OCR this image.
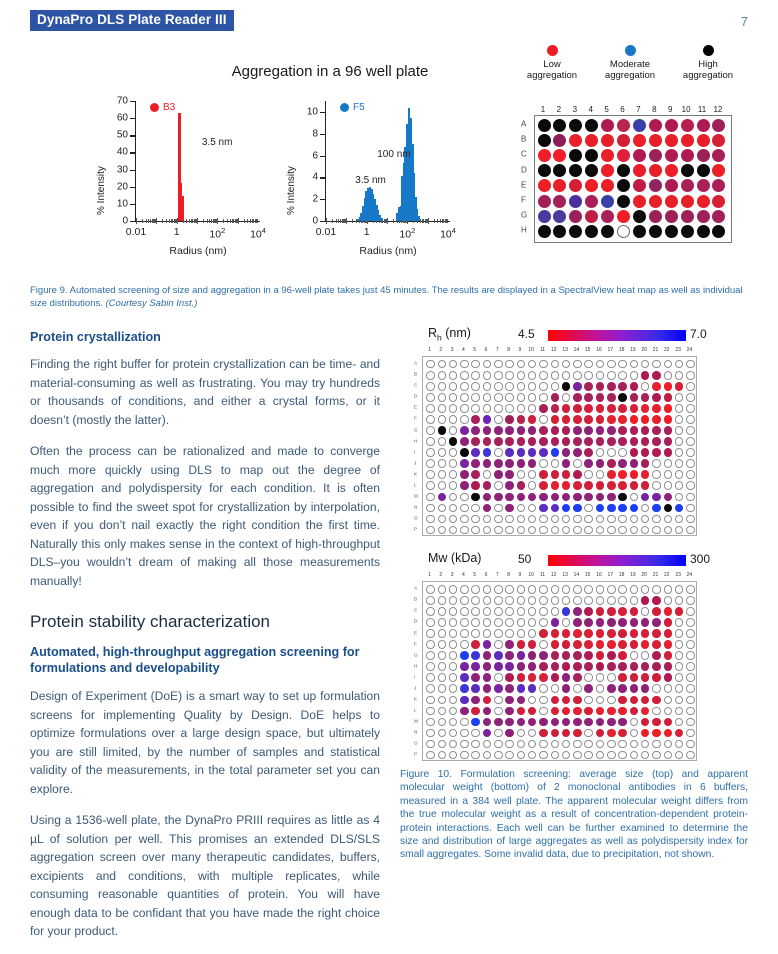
DynaPro DLS Plate Reader III	7
Aggregation in a 96 well plate
% Intensity
0
10
20
30
40
50
60
70
0.01	1	$10^2$ $10^4$
Radius (nm)
B3
3.5 nm
% Intensity
0
2
4
6
8
10
0.01	1	$10^2$ $10^4$
Radius (nm)
F5
100 nm
3.5 nm
Low
aggregation
Moderate
aggregation
High
aggregation
1 2 3 4 5 6 7 8 9 10 11 12
A
B
C
D
E
F
G
H
Figure 9. Automated screening of size and aggregation in a 96-well plate takes just 45 minutes. The results are displayed in a SpectralView heat map as well as individual size distributions. (Courtesy Sabin Inst.)
Protein crystallization

Finding the right buffer for protein crystallization can be time- and material-consuming as well as frustrating. You may try hundreds or thousands of conditions, and either a crystal forms, or it doesn’t (mostly the latter).

Often the process can be rationalized and made to converge much more quickly using DLS to map out the degree of aggregation and polydispersity for each condition. It is often possible to find the sweet spot for crystallization by interpolation, even if you don’t nail exactly the right condition the first time. Naturally this only makes sense in the context of high-throughput DLS–you wouldn’t dream of making all those measurements manually!

Protein stability characterization
Automated, high-throughput aggregation screening for formulations and developability

Design of Experiment (DoE) is a smart way to set up formulation screens for implementing Quality by Design. DoE helps to optimize formulations over a large design space, but ultimately you are still limited, by the number of samples and statistical validity of the measurements, in the total parameter set you can explore.

Using a 1536-well plate, the DynaPro PRIII requires as little as 4 µL of solution per well. This promises an extended DLS/SLS aggregation screen over many therapeutic candidates, buffers, excipients and conditions, with multiple replicates, while consuming reasonable quantities of protein. You will have enough data to be confidant that you have made the right choice for your product.

$R_h$ (nm)	4.5	7.0
1 2 3 4 5 6 7 8 9 10 11 12 13 14 15 16 17 18 19 20 21 22 23 24
A
B
C
D
E
F
G
H
I
J
K
L
M
N
O
P
Mw (kDa)	50	300
1 2 3 4 5 6 7 8 9 10 11 12 13 14 15 16 17 18 19 20 21 22 23 24
A
B
C
D
E
F
G
H
I
J
K
L
M
N
O
P
Figure 10. Formulation screening: average size (top) and apparent molecular weight (bottom) of 2 monoclonal antibodies in 6 buffers, measured in a 384 well plate. The apparent molecular weight differs from the true molecular weight as a result of concentration-dependent protein-protein interactions. Each well can be further examined to determine the size and distribution of large aggregates as well as polydispersity index for small aggregates. Some invalid data, due to precipitation, not shown.
